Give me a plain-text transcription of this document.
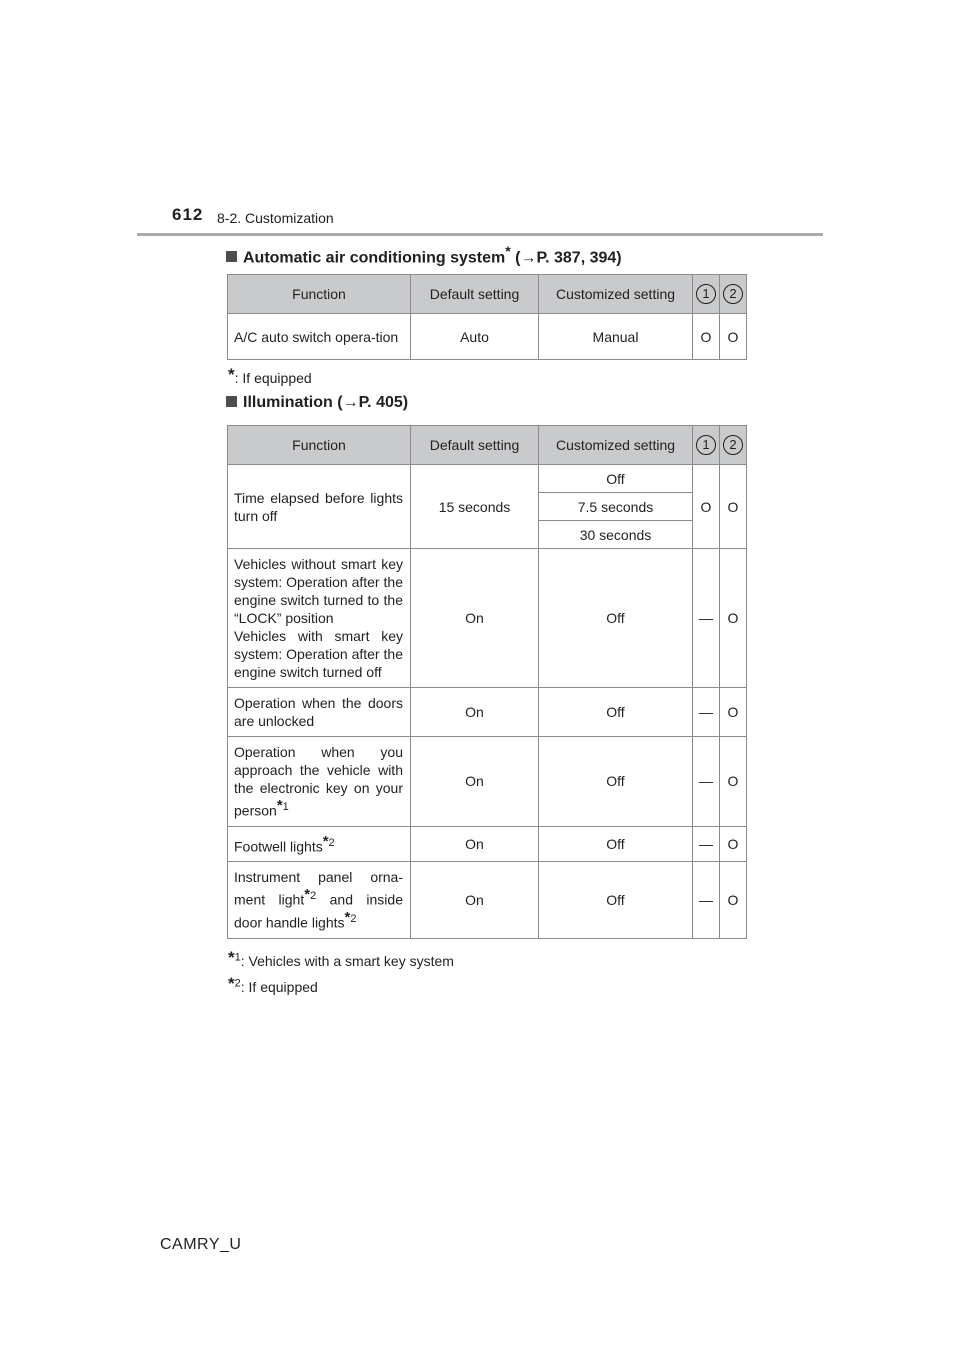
612 8-2. Customization
Automatic air conditioning system* (→P. 387, 394)
Function	Default setting	Customized setting	1	2
A/C auto switch opera-tion	Auto	Manual	O	O
*: If equipped
Illumination (→P. 405)
Function	Default setting	Customized setting	1	2
Time elapsed before lights turn off	15 seconds	Off	O	O
		7.5 seconds		
		30 seconds		

Vehicles without smart key system: Operation after the engine switch turned to the “LOCK” position
Vehicles with smart key system: Operation after the engine switch turned off	On	Off	—	O
Operation when the doors are unlocked	On	Off	—	O
Operation when you approach the vehicle with the electronic key on your person$^{*1}$	On	Off	—	O
Footwell lights$^{*2}$	On	Off	—	O
Instrument panel orna-ment light$^{*2}$ and inside door handle lights$^{*2}$	On	Off	—	O
*$^1$: Vehicles with a smart key system
*$^2$: If equipped
CAMRY_U
